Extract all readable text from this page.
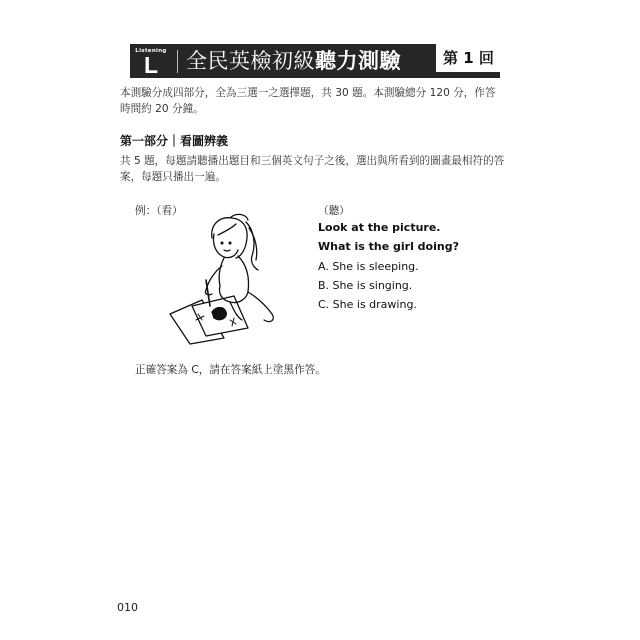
Listening
L 全民英檢初級聽力測驗	第 1 回
本測驗分成四部分，全為三選一之選擇題，共 30 題。本測驗總分 120 分，作答時間約 20 分鐘。
第一部分｜看圖辨義
共 5 題，每題請聽播出題目和三個英文句子之後，選出與所看到的圖畫最相符的答案，每題只播出一遍。
例：（看）	（聽）
Look at the picture.
What is the girl doing?
A. She is sleeping.
B. She is singing.
C. She is drawing.
正確答案為 C，請在答案紙上塗黑作答。
010
